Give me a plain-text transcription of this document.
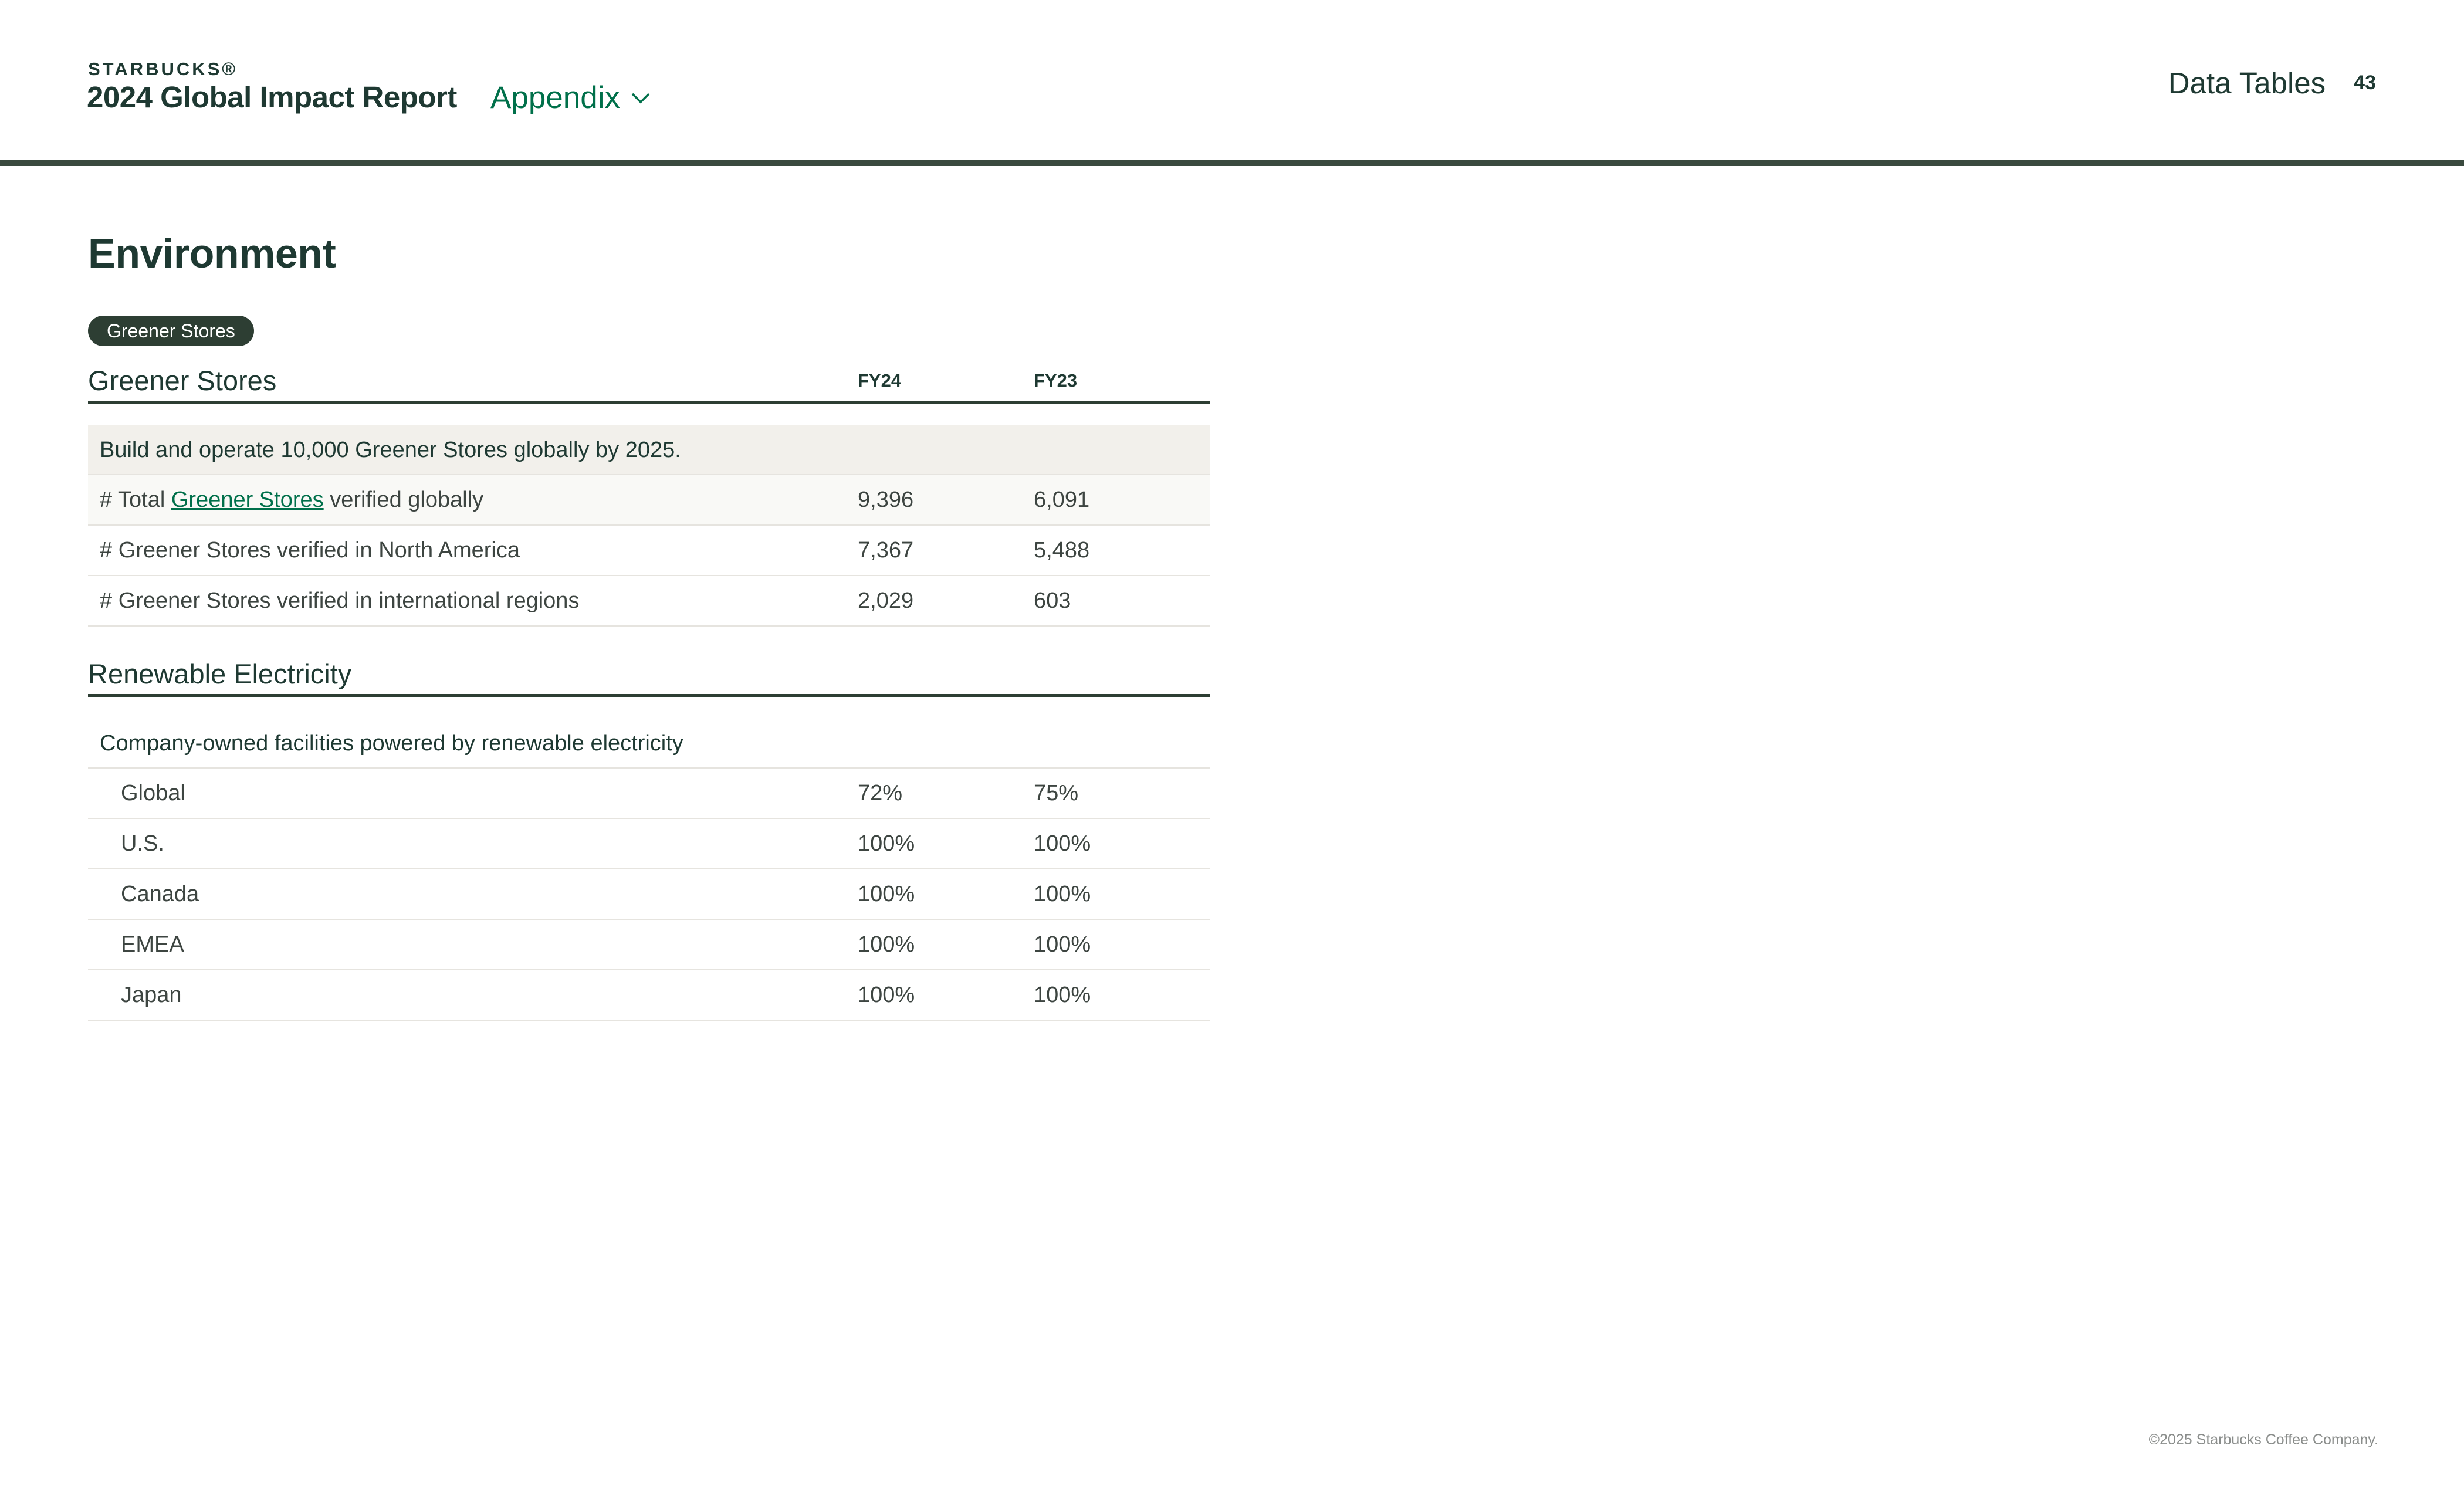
STARBUCKS®
2024 Global Impact Report Appendix	Data Tables 43
Environment
Greener Stores
Greener Stores	FY24	FY23
Build and operate 10,000 Greener Stores globally by 2025.
# Total Greener Stores verified globally	9,396	6,091
# Greener Stores verified in North America	7,367	5,488
# Greener Stores verified in international regions	2,029	603
Renewable Electricity
Company-owned facilities powered by renewable electricity
Global	72%	75%
U.S.	100%	100%
Canada	100%	100%
EMEA	100%	100%
Japan	100%	100%
©2025 Starbucks Coffee Company.
